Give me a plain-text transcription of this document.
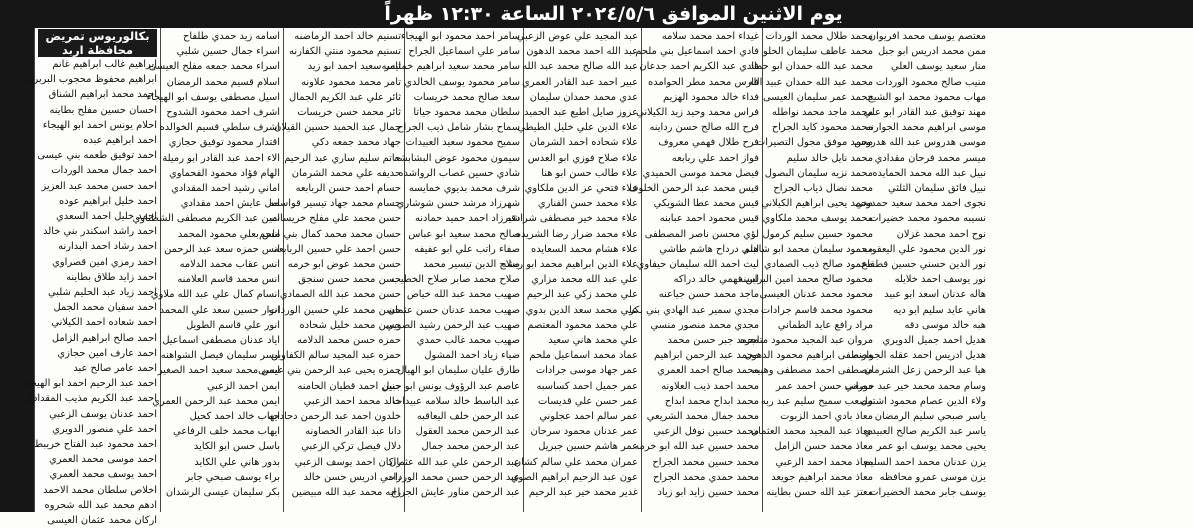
يوم الاثنين الموافق ٢٠٢٤/٥/٦ الساعة ١٢:٣٠ ظهراً
بكالوريوس تمريض
محافظة اربد
ابراهيم غالب ابراهيم غانم
ابراهيم محفوظ محجوب البربري
احمد محمد ابراهيم الشناق
احسان حسين مفلح بطاينه
احلام يونس احمد ابو الهيجاء
احمد ابراهيم عبده
احمد توفيق طعمه بني عيسى
احمد جمال محمد الوردات
احمد حسن محمد عبد العزيز
احمد خليل ابراهيم عوده
احمد خليل احمد السعدي
احمد راشد اسكندر بني خالد
احمد رشاد احمد البدارنه
احمد رمزي امين قصراوي
احمد زايد طلاق بطاينه
احمد زياد عبد الحليم شلبي
احمد سفيان محمد الجمل
احمد شعاده احمد الكيلاني
احمد صالح ابراهيم الزامل
احمد عارف امين حجازي
احمد عامر صالح عبد
احمد عبد الرحيم احمد ابو الهيجاء
احمد عبد الكريم مذيب المقدادي
احمد عدنان يوسف الزعبي
احمد علي منصور الدويري
احمد محمود عبد الفتاح خريبط
احمد موسى محمد العمري
احمد يوسف محمد العمري
اخلاص سلطان محمد الاحمد
ادهم محمد عبد الله شحروه
اركان محمد عثمان العيسى
اسامه زيد حمدي طلفاح
اسراء جمال حسين شلبي
اسراء محمد جمعه مفلح العيسى
اسلام قسيم محمد الرمضان
اسيل مصطفى يوسف ابو الهيجاء
اشرف احمد محمود الشدوح
اشرف سلطي قسيم الخوالده
اقتدار محمود توفيق حجازي
الاء احمد عبد القادر ابو رميلة
الهام فؤاد محمود الفحماوي
اماني رشيد احمد المقدادي
امل عايش احمد مقدادي
امين عبد الكريم مصطفى الشطناوي
انس بعلي محمود المحمد
انس حمزه سعد عبد الرحمن
انس عقاب محمد الدلامه
انس محمد قاسم العلامنه
انسام كمال علي عبد الله ملاوي
انوار حسين سعد علي المحمد
انور علي قاسم الطويل
اياد عدنان مصطفى اسماعيل
ايسر سليمان فيصل الشواهنه
ايمن محمد سعيد احمد الصغير
ايمن احمد الزعبي
ايمن محمد عبد الرحمن العمري
ايهاب خالد احمد كحيل
ايهاب محمد خلف الرفاعي
باسل حسن ابو الكايد
بدور هاني علي الكايد
براء يوسف صبحي جابر
بكر سليمان عيسى الرشدان
تسنيم خالد احمد الرماضنه
تسنيم محمود منتي الكفارنه
تامر سعيد احمد ابو زيد
تامر محمد محمود علاونه
ثائر علي عبد الكريم الجمال
ثائر محمد حسن خريسات
جمال عبد الحميد حسين القيلان
جهاد محمد جمعه دكي
حاتم سليم ساري عبد الرحيم
حديفه علي محمد الشرمان
حسام احمد حسن الربابعه
حسام محمد جهاد تيسير قواسمه
حسن محمد علي مفلح خريسات
حسان محمد محمد كمال بني ملحم
حسن احمد علي حسين الربابعه
حسن محمد عوض ابو خرمه
حسن محمد حسن سنجق
حسن محمد عبد الله الصمادي
حسن محمد علي حسين الوردات
حسن محمد خليل شحاده
حمزه حسن محمد الدلامه
حمزه عبد المجيد سالم الكفاوين
حمزه يحيى عبد الرحمن بني عيسى
حنين احمد قطيان الحامنه
خالد محمد احمد الزعبي
خلدون احمد عبد الرحمن دحادحه
دانا عبد القادر الخصاونه
دلال فيصل تركي الزعبي
راكان احمد يوسف الزعبي
رامي ادريس حسن خالد
رايه محمد عبد الله مبيضين
سامر احمد محمود ابو الهيجاء
سامر علي اسماعيل الجراح
سامر محمد سعيد ابراهيم خمايسه
سامر محمود يوسف الخالدي
سعد صالح محمد خريسات
سلطان محمد محمود جياتا
سماح بشار شامل ذيب الجراح
سميح محمود سعيد العبيدات
سيمون محمود عوض البشابشه
شادي حسين غصاب الرواشده
شرف محمد بديوي خمايسه
شهرزاد مرشد حسن شوشاري
شيرزاد احمد حميد حمادنه
صالح محمد سعيد ابو عباس
صفاء راتب علي ابو عفيفه
صلاح الدين تيسير محمد
صلاح محمد صابر صلاح الخطيب
صهيب محمد عبد الله خياص
صهيب محمد عدنان حسن عثمان
صهيب عبد الرحمن رشيد الصويي
صهيب محمد غالب حمدي
ضياء زياد احمد المشول
طارق عليان سليمان ابو الهيال
عاصم عبد الرؤوف يونس ابو جبيل
عبد الباسط خالد سلامه عبيدات
عبد الرحمن خلف اليعاقبه
عبد الرحمن محمد العقول
عبد الرحمن محمد جمال
عبد الرحمن علي عبد الله عثمان
عبد الرحمن حسن محمد الوردات
عبد الرحمن مناور عايش الجراح
عبد المجيد علي عوض الزعبي
عبد الله احمد محمد الدهون
عبد الله صالح محمد عبد الله
عبير احمد عبد القادر العمري
عدي محمد حمدان سليمان
عزوز صايل اطيع عبد الحميد
علاء الدين علي خليل الطيطي
علاء شحاده احمد الشرمان
علاء صلاح فوزي ابو العدس
علاء طالب حسن ابو هنا
علاء فتحي عز الدين ملكاوي
علاء محمد حسن الفناري
علاء محمد خير مصطفى شرادقه
علاء محمد ضرار رضا الشريده
علاء هشام محمد السعايده
علاء الدين ابراهيم محمد ابو ريشه
علي عبد الله محمد مزاري
علي محمد زكي عبد الرحيم
علي محمد سعد الدين بدوي
علي محمد محمود المعتصم
علي محمد هاني سعيد
عماد محمد اسماعيل ملحم
عمر جهاد موسى جرادات
عمر جميل احمد كساسبه
عمر حسن علي قديسات
عمر سالم احمد عجلوني
عمر عدنان محمود سرحان
عمر هاشم حسين جبريل
عمران محمد علي سالم كشان
عون عبد الرحيم ابراهيم الصوي
غدير محمد خير عبد الرحيم
غيداء احمد محمد سلامه
فادي احمد اسماعيل بني ملحم
فادي عبد الكريم احمد جدعان
فارس محمد مطر الحوامده
فداء خالد محمود الهزيم
فراس محمد وحيد زيد الكيلاني
فرح الله صالح حسن رداينه
فرح طلال فهمي معروف
فواز احمد علي ربابعه
فيصل محمد موسى الحميدي
قيس محمد عبد الرحمن الخلوف
قيس محمد عطا الشويكي
قيس محمود احمد عبابنه
لؤي محسن ناصر المصطفى
لبنى درداح هاشم طاشي
ليث احمد الله سليمان حيفاوي
لين فهمي خالد دراكه
ماجد محمد حسن جياعنه
مجدي سمير عبد الهادي بني بكر
مجدي محمد منصور منسي
محمد جبر حسن محمد
محمد عبد الرحمن ابراهيم
محمد صالح احمد العمري
محمد احمد ذيب العلاونه
محمد ابداح محمد ابداح
محمد جمال محمد الشريعي
محمد حسين نوفل الزعبي
محمد حسين عبد الله ابو خرمه
محمد حسين محمد الجراح
محمد حمدي محمد الجراح
محمد حسين زايد ابو زياد
محمد طلال محمد الوردات
محمد عاطف سليمان الحلو
محمد عبد الله حمدان ابو حماد
محمد عبد الله حمدان عبيد الله
محمد عمر سليمان العيسى
محمد ماجد محمد نواطله
محمد محمود كايد الجراح
محمد موفق مجول التصيرات
محمد نايل خالد سليم
محمد نزيه سليمان البصول
محمد نضال ذياب الجراح
محمد يحيى ابراهيم الكيلاني
محمد يوسف محمد ملكاوي
محمود حسين سليم كرمول
محمود سليمان محمد ابو شاهلم
محمود صالح ذيب الصمادي
محمود صالح محمد امين البراسنه
محمود محمد عدنان العيسى
محمود محمد قاسم جرادات
مراد رافع عايد الطماني
مروان عبد المجيد محمود متاجره
مصطفى ابراهيم محمود الدهون
مصطفى احمد مصطفى وهبيه
مصعب حسن احمد عمر
مصعب سميح سليم عبد ربه
معاذ بادي احمد الزبوت
معاذ عبد المجيد محمد العثمان
معاذ محمد حسن الزامل
معاذ محمد احمد الزعبي
معاذ محمد ابراهيم جويعد
معتز عبد الله حسن بطاينه
معتصم يوسف محمد افريوان
ممن محمد ادريس ابو جبل
منار سعيد يوسف العلي
منيب صالح محمود الوردات
مهاب محمود محمد ابو الشيح
مهند توفيق عبد القادر ابو علي
موسى ابراهيم محمد الجوارنه
موسى هدروس عبد الله هدروس
ميسر محمد فرحان مقدادي
نبيل عبد الله محمد الحمايده
نبيل فائق سليمان الثلثي
نجوى احمد محمد سعيد حمدوني
نسيبه محمود محمد خضيرات
نوح احمد محمد غزلان
نور الدين محمود علي اليعقوب
نور الدين حسني حسين قطقاع
نور يوسف احمد خلايله
هاله عدنان اسعد ابو عبيد
هاني عايد سليم ابو ديه
هبه خالد موسى دقه
هديل احمد جميل الدويري
هديل ادريس احمد عقله الجوارنه
هيا عبد الرحمن زعل الشرمان
وسام محمد محمد خير عبد حوراني
ولاء الدين عصام محمود اشتول
ياسر صبحي سليم الرمضان
ياسر عبد الكريم صالح العبيدي
يحيى محمد يوسف ابو عمر
يزن عدنان محمد احمد السليم
يزن موسى عمرو محافظه
يوسف جابر محمد الخضيرات
